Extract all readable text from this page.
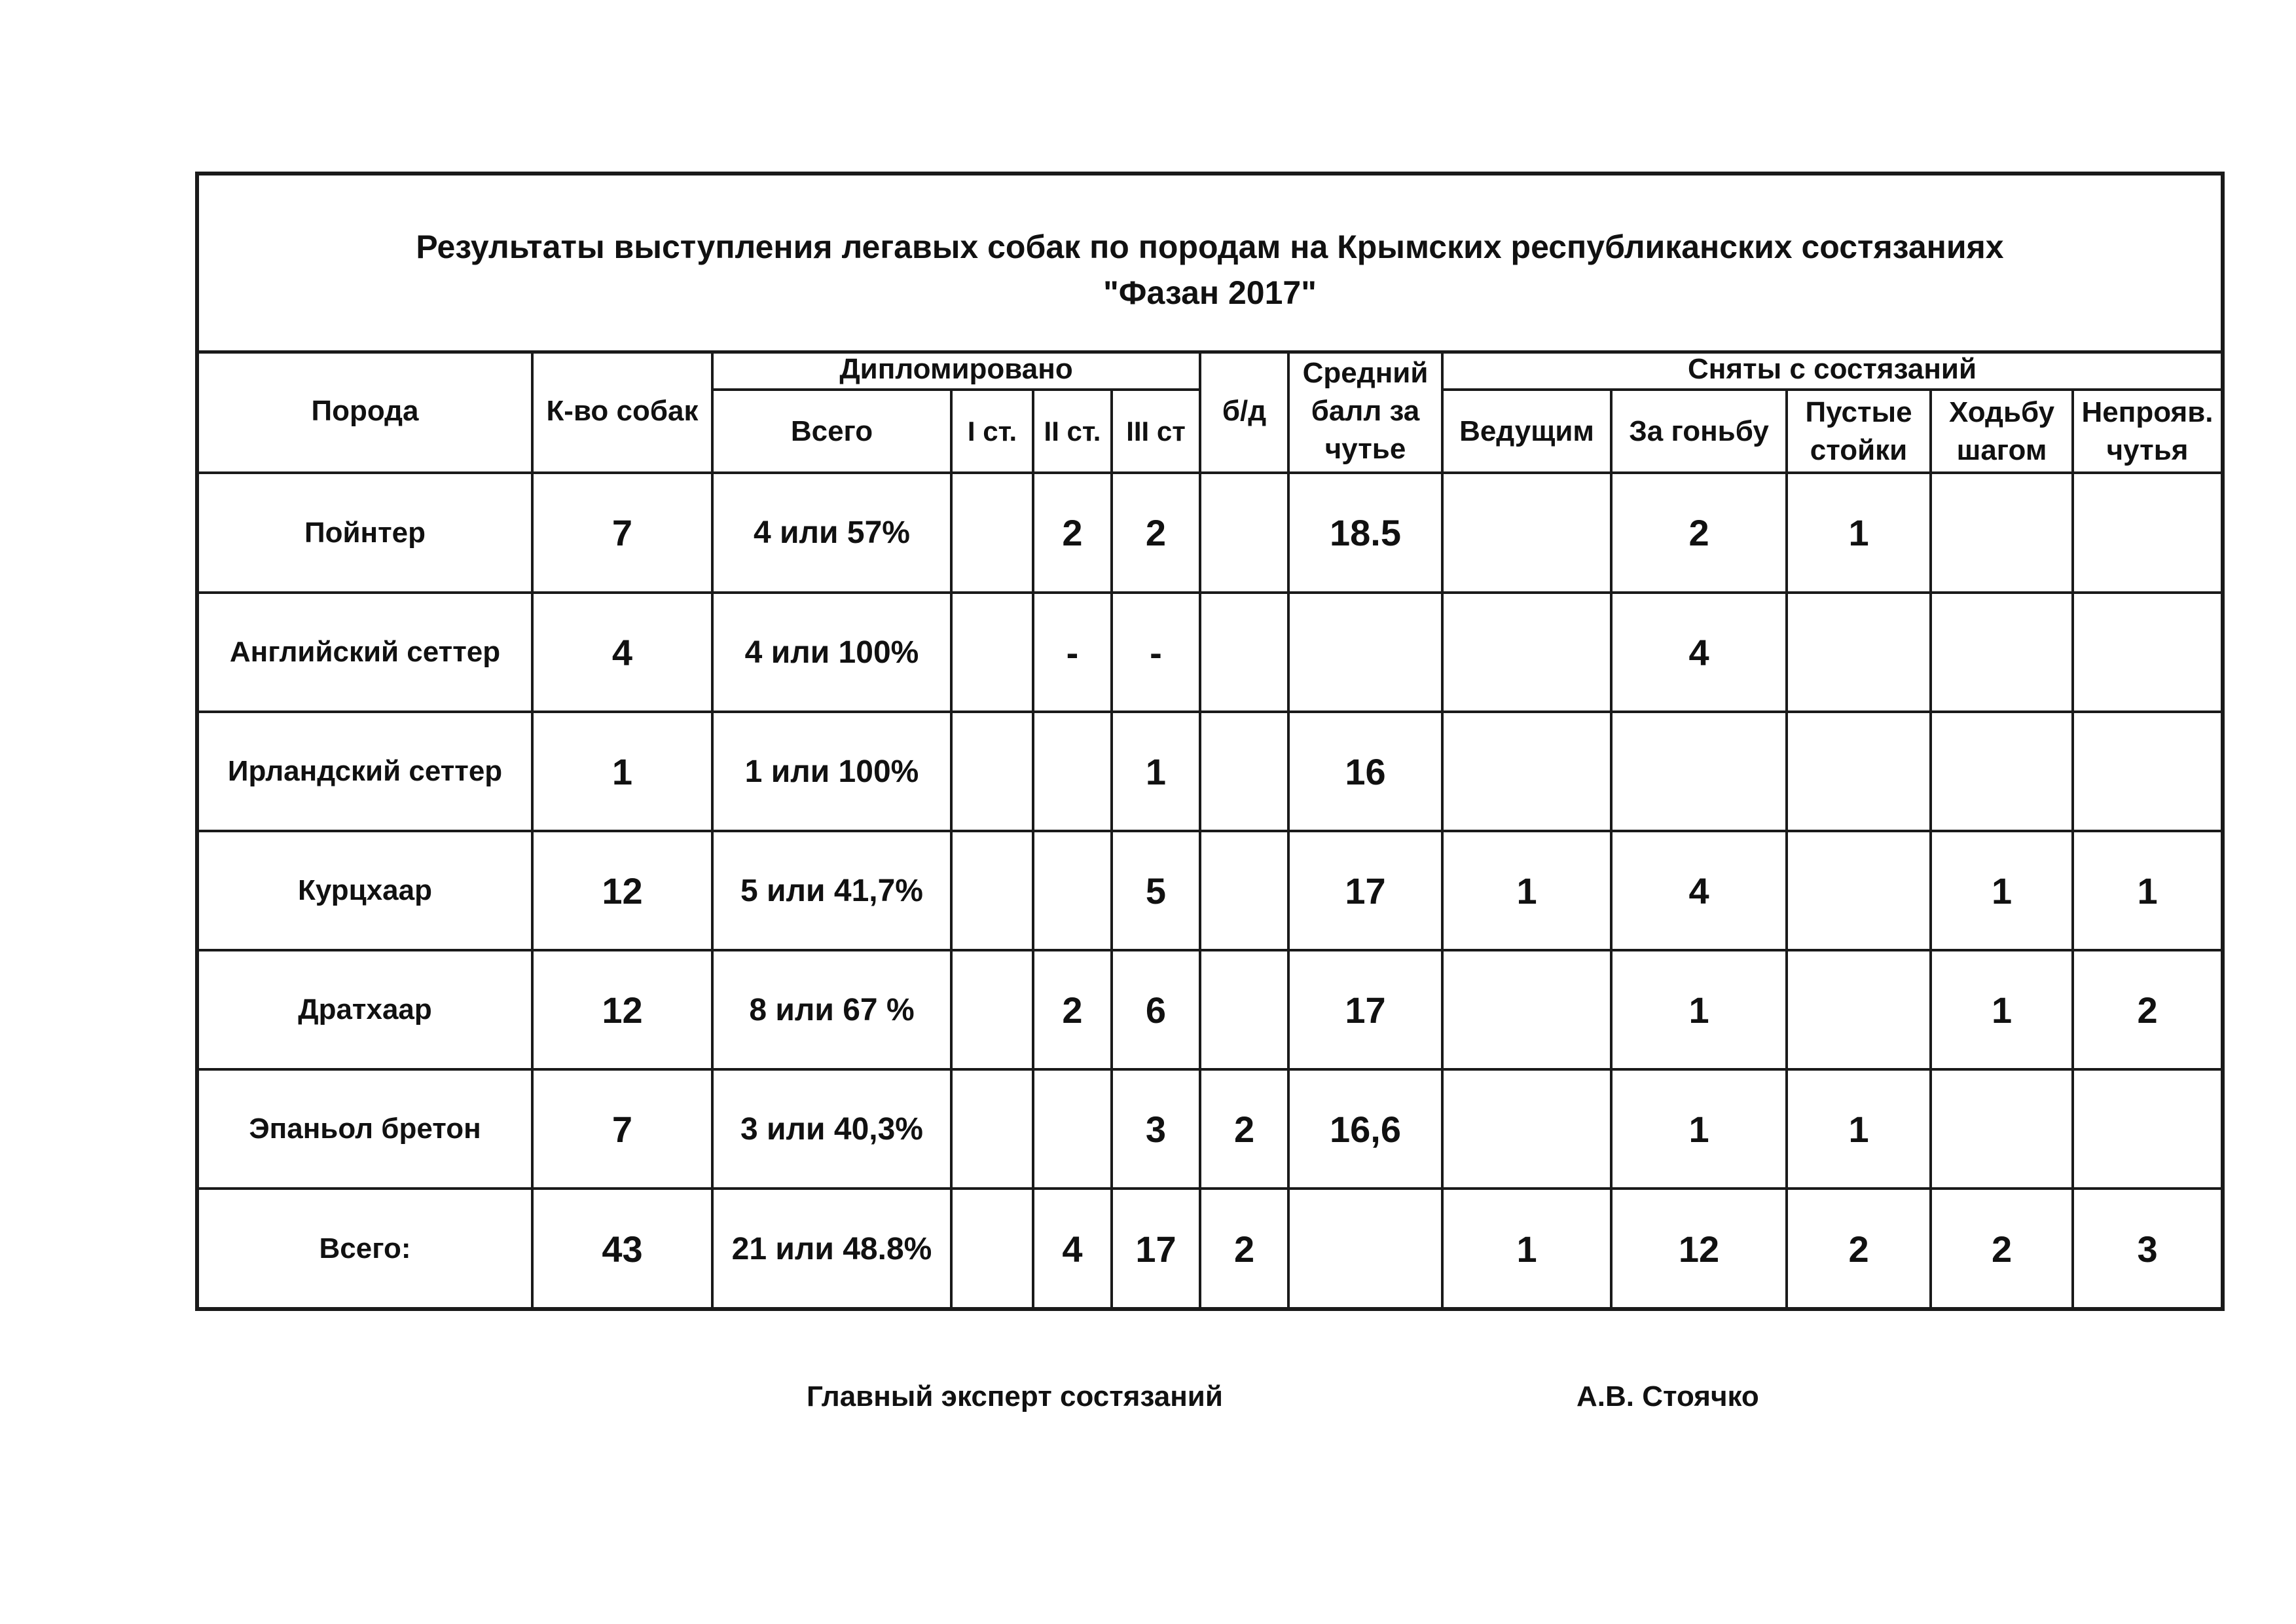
Результаты выступления легавых собак по породам на Крымских республиканских состязаниях
"Фазан 2017"
Порода	К-во собак	Дипломировано				б/д	Средний балл за чутье	Сняты с состязаний				
		Всего	I ст.	II ст.	III ст			Ведущим	За гоньбу	Пустые стойки	Ходьбу шагом	Непрояв. чутья
Пойнтер	7	4 или 57%		2	2		18.5		2	1		
Английский сеттер	4	4 или 100%		-	-				4			
Ирландский сеттер	1	1 или 100%			1		16					
Курцхаар	12	5 или 41,7%			5		17	1	4		1	1
Дратхаар	12	8 или 67 %		2	6		17		1		1	2
Эпаньол бретон	7	3 или 40,3%			3	2	16,6		1	1		
Всего:	43	21 или 48.8%		4	17	2		1	12	2	2	3
Главный эксперт состязаний	А.В. Стоячко
